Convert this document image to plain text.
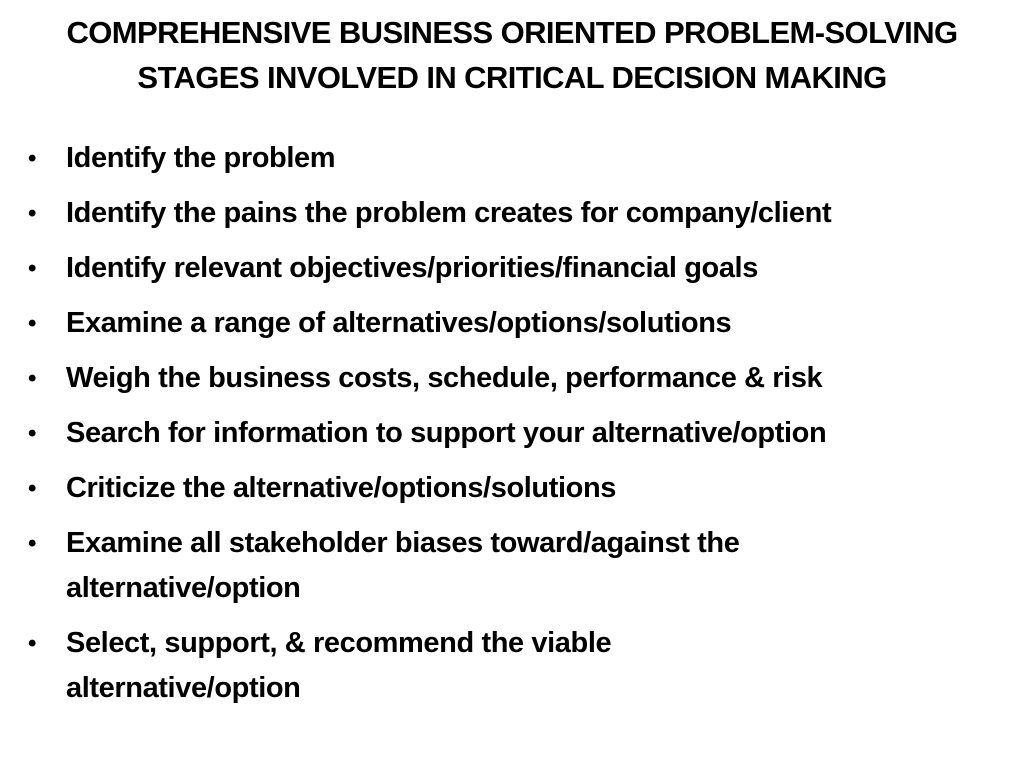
COMPREHENSIVE BUSINESS ORIENTED PROBLEM-SOLVING
STAGES INVOLVED IN CRITICAL DECISION MAKING
•	Identify the problem
•	Identify the pains the problem creates for company/client
•	Identify relevant objectives/priorities/financial goals
•	Examine a range of alternatives/options/solutions
•	Weigh the business costs, schedule, performance & risk
•	Search for information to support your alternative/option
•	Criticize the alternative/options/solutions
•	Examine all stakeholder biases toward/against the
alternative/option
•	Select, support, & recommend the viable
alternative/option
